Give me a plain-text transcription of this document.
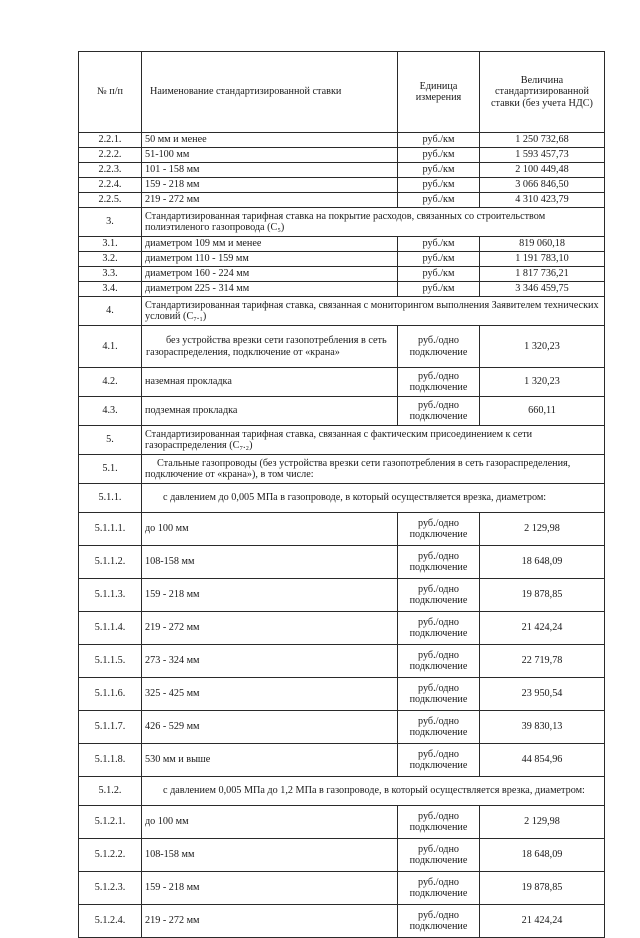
№ п/п	Наименование стандартизированной ставки	Единица измерения	Величина стандартизированной ставки (без учета НДС)
2.2.1.	50 мм и менее	руб./км	1 250 732,68
2.2.2.	51-100 мм	руб./км	1 593 457,73
2.2.3.	101 - 158 мм	руб./км	2 100 449,48
2.2.4.	159 - 218 мм	руб./км	3 066 846,50
2.2.5.	219 - 272 мм	руб./км	4 310 423,79
3.	Стандартизированная тарифная ставка на покрытие расходов, связанных со строительством полиэтиленого газопровода (С₅)		
3.1.	диаметром 109 мм и менее	руб./км	819 060,18
3.2.	диаметром 110 - 159 мм	руб./км	1 191 783,10
3.3.	диаметром 160 - 224 мм	руб./км	1 817 736,21
3.4.	диаметром 225 - 314 мм	руб./км	3 346 459,75
4.	Стандартизированная тарифная ставка, связанная с мониторингом выполнения Заявителем технических условий (С₇.₁)		
4.1.	без устройства врезки сети газопотребления в сеть газораспределения, подключение от «крана»	руб./одно подключение	1 320,23
4.2.	наземная прокладка	руб./одно подключение	1 320,23
4.3.	подземная прокладка	руб./одно подключение	660,11
5.	Стандартизированная тарифная ставка, связанная с фактическим присоединением к сети газораспределения (С₇.₂)		
5.1.	Стальные газопроводы (без устройства врезки сети газопотребления в сеть газораспределения, подключение от «крана»), в том числе:		
5.1.1.	с давлением до 0,005 МПа в газопроводе, в который осуществляется врезка, диаметром:		
5.1.1.1.	до 100 мм	руб./одно подключение	2 129,98
5.1.1.2.	108-158 мм	руб./одно подключение	18 648,09
5.1.1.3.	159 - 218 мм	руб./одно подключение	19 878,85
5.1.1.4.	219 - 272 мм	руб./одно подключение	21 424,24
5.1.1.5.	273 - 324 мм	руб./одно подключение	22 719,78
5.1.1.6.	325 - 425 мм	руб./одно подключение	23 950,54
5.1.1.7.	426 - 529 мм	руб./одно подключение	39 830,13
5.1.1.8.	530 мм и выше	руб./одно подключение	44 854,96
5.1.2.	с давлением 0,005 МПа до 1,2 МПа в газопроводе, в который осуществляется врезка, диаметром:		
5.1.2.1.	до 100 мм	руб./одно подключение	2 129,98
5.1.2.2.	108-158 мм	руб./одно подключение	18 648,09
5.1.2.3.	159 - 218 мм	руб./одно подключение	19 878,85
5.1.2.4.	219 - 272 мм	руб./одно подключение	21 424,24
